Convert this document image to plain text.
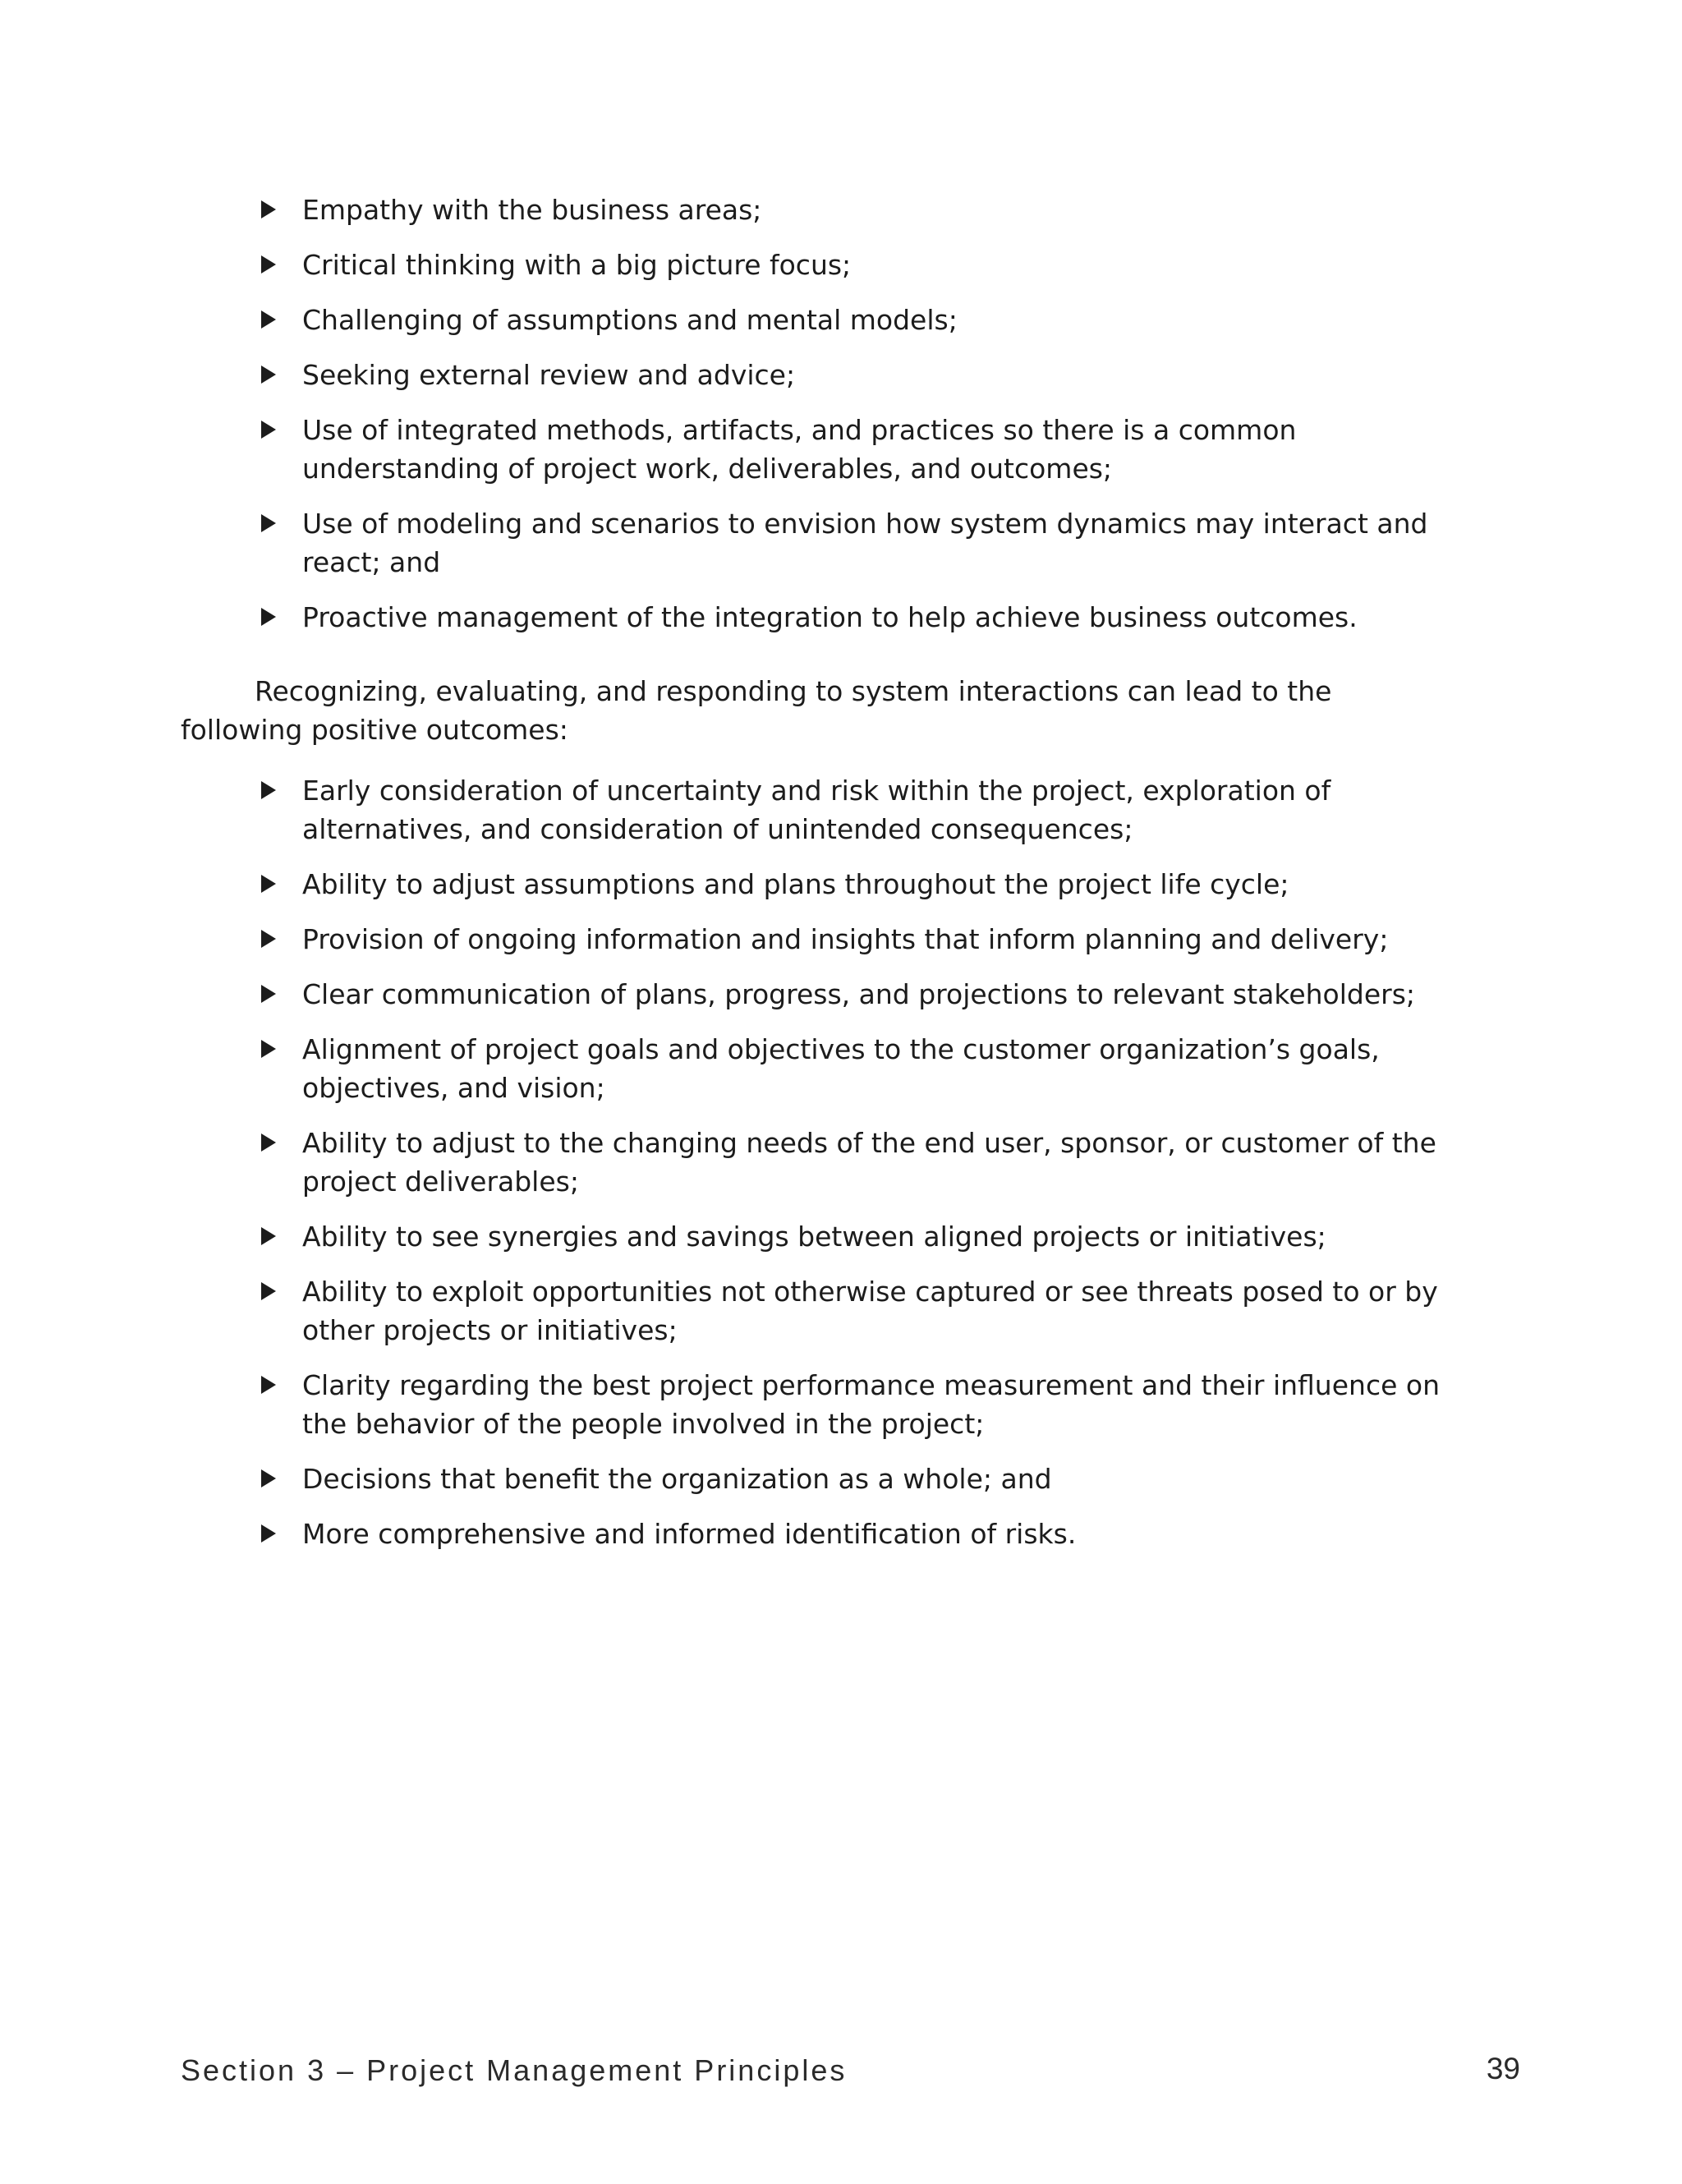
Empathy with the business areas;
Critical thinking with a big picture focus;
Challenging of assumptions and mental models;
Seeking external review and advice;
Use of integrated methods, artifacts, and practices so there is a common understanding of project work, deliverables, and outcomes;
Use of modeling and scenarios to envision how system dynamics may interact and react; and
Proactive management of the integration to help achieve business outcomes.

Recognizing, evaluating, and responding to system interactions can lead to the following positive outcomes:

Early consideration of uncertainty and risk within the project, exploration of alternatives, and consideration of unintended consequences;
Ability to adjust assumptions and plans throughout the project life cycle;
Provision of ongoing information and insights that inform planning and delivery;
Clear communication of plans, progress, and projections to relevant stakeholders;
Alignment of project goals and objectives to the customer organization’s goals, objectives, and vision;
Ability to adjust to the changing needs of the end user, sponsor, or customer of the project deliverables;
Ability to see synergies and savings between aligned projects or initiatives;
Ability to exploit opportunities not otherwise captured or see threats posed to or by other projects or initiatives;
Clarity regarding the best project performance measurement and their influence on the behavior of the people involved in the project;
Decisions that benefit the organization as a whole; and
More comprehensive and informed identification of risks.

Section 3 – Project Management Principles	39
